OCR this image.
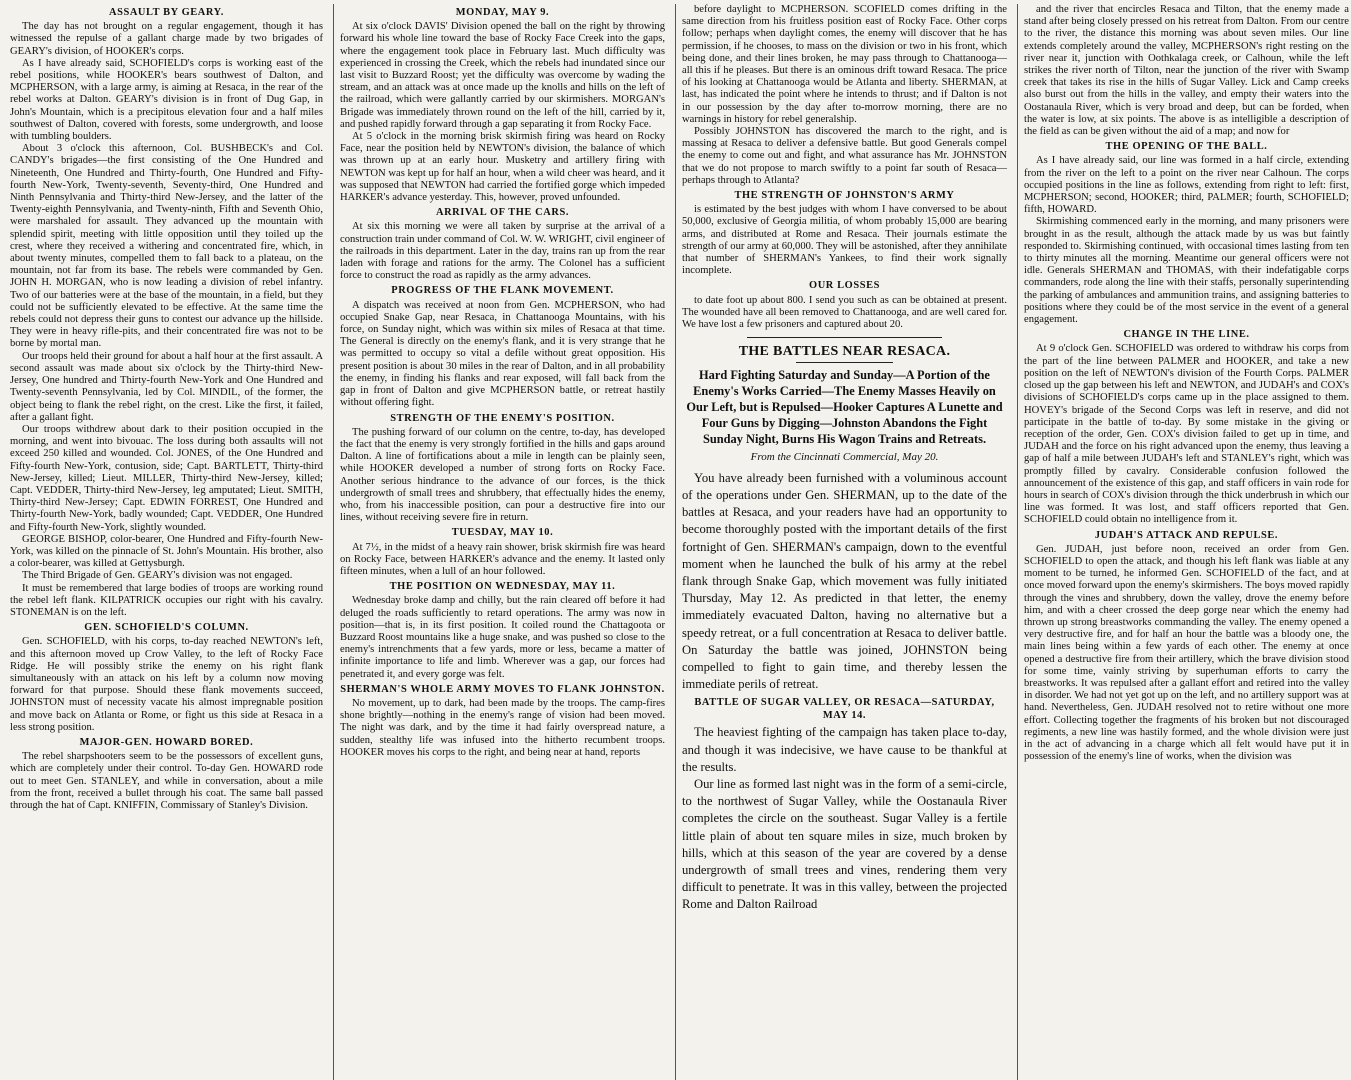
ASSAULT BY GEARY.

The day has not brought on a regular engagement, though it has witnessed the repulse of a gallant charge made by two brigades of GEARY's division, of HOOKER's corps.

As I have already said, SCHOFIELD's corps is working east of the rebel positions, while HOOKER's bears southwest of Dalton, and MCPHERSON, with a large army, is aiming at Resaca, in the rear of the rebel works at Dalton. GEARY's division is in front of Dug Gap, in John's Mountain, which is a precipitous elevation four and a half miles southwest of Dalton, covered with forests, some undergrowth, and loose with tumbling boulders.

About 3 o'clock this afternoon, Col. BUSHBECK's and Col. CANDY's brigades—the first consisting of the One Hundred and Nineteenth, One Hundred and Thirty-fourth, One Hundred and Fifty-fourth New-York, Twenty-seventh, Seventy-third, One Hundred and Ninth Pennsylvania and Thirty-third New-Jersey, and the latter of the Twenty-eighth Pennsylvania, and Twenty-ninth, Fifth and Seventh Ohio, were marshaled for assault. They advanced up the mountain with splendid spirit, meeting with little opposition until they toiled up the crest, where they received a withering and concentrated fire, which, in about twenty minutes, compelled them to fall back to a plateau, on the mountain, not far from its base. The rebels were commanded by Gen. JOHN H. MORGAN, who is now leading a division of rebel infantry. Two of our batteries were at the base of the mountain, in a field, but they could not be sufficiently elevated to be effective. At the same time the rebels could not depress their guns to contest our advance up the hillside. They were in heavy rifle-pits, and their concentrated fire was not to be borne by mortal man.

Our troops held their ground for about a half hour at the first assault. A second assault was made about six o'clock by the Thirty-third New-Jersey, One hundred and Thirty-fourth New-York and One Hundred and Twenty-seventh Pennsylvania, led by Col. MINDIL, of the former, the object being to flank the rebel right, on the crest. Like the first, it failed, after a gallant fight.

Our troops withdrew about dark to their position occupied in the morning, and went into bivouac. The loss during both assaults will not exceed 250 killed and wounded. Col. JONES, of the One Hundred and Fifty-fourth New-York, contusion, side; Capt. BARTLETT, Thirty-third New-Jersey, killed; Lieut. MILLER, Thirty-third New-Jersey, killed; Capt. VEDDER, Thirty-third New-Jersey, leg amputated; Lieut. SMITH, Thirty-third New-Jersey; Capt. EDWIN FORREST, One Hundred and Thirty-fourth New-York, badly wounded; Capt. VEDDER, One Hundred and Fifty-fourth New-York, slightly wounded.

GEORGE BISHOP, color-bearer, One Hundred and Fifty-fourth New-York, was killed on the pinnacle of St. John's Mountain. His brother, also a color-bearer, was killed at Gettysburgh.

The Third Brigade of Gen. GEARY's division was not engaged.

It must be remembered that large bodies of troops are working round the rebel left flank. KILPATRICK occupies our right with his cavalry. STONEMAN is on the left.

GEN. SCHOFIELD'S COLUMN.

Gen. SCHOFIELD, with his corps, to-day reached NEWTON's left, and this afternoon moved up Crow Valley, to the left of Rocky Face Ridge. He will possibly strike the enemy on his right flank simultaneously with an attack on his left by a column now moving forward for that purpose. Should these flank movements succeed, JOHNSTON must of necessity vacate his almost impregnable position and move back on Atlanta or Rome, or fight us this side at Resaca in a less strong position.

MAJOR-GEN. HOWARD BORED.

The rebel sharpshooters seem to be the possessors of excellent guns, which are completely under their control. To-day Gen. HOWARD rode out to meet Gen. STANLEY, and while in conversation, about a mile from the front, received a bullet through his coat. The same ball passed through the hat of Capt. KNIFFIN, Commissary of Stanley's Division.

MONDAY, MAY 9.

At six o'clock DAVIS' Division opened the ball on the right by throwing forward his whole line toward the base of Rocky Face Creek into the gaps, where the engagement took place in February last. Much difficulty was experienced in crossing the Creek, which the rebels had inundated since our last visit to Buzzard Roost; yet the difficulty was overcome by wading the stream, and an attack was at once made up the knolls and hills on the left of the railroad, which were gallantly carried by our skirmishers. MORGAN's Brigade was immediately thrown round on the left of the hill, carried by it, and pushed rapidly forward through a gap separating it from Rocky Face.

At 5 o'clock in the morning brisk skirmish firing was heard on Rocky Face, near the position held by NEWTON's division, the balance of which was thrown up at an early hour. Musketry and artillery firing with NEWTON was kept up for half an hour, when a wild cheer was heard, and it was supposed that NEWTON had carried the fortified gorge which impeded HARKER's advance yesterday. This, however, proved unfounded.

ARRIVAL OF THE CARS.

At six this morning we were all taken by surprise at the arrival of a construction train under command of Col. W. W. WRIGHT, civil engineer of the railroads in this department. Later in the day, trains ran up from the rear laden with forage and rations for the army. The Colonel has a sufficient force to construct the road as rapidly as the army advances.

PROGRESS OF THE FLANK MOVEMENT.

A dispatch was received at noon from Gen. MCPHERSON, who had occupied Snake Gap, near Resaca, in Chattanooga Mountains, with his force, on Sunday night, which was within six miles of Resaca at that time. The General is directly on the enemy's flank, and it is very strange that he was permitted to occupy so vital a defile without great opposition. His present position is about 30 miles in the rear of Dalton, and in all probability the enemy, in finding his flanks and rear exposed, will fall back from the gap in front of Dalton and give MCPHERSON battle, or retreat hastily without offering fight.

STRENGTH OF THE ENEMY'S POSITION.

The pushing forward of our column on the centre, to-day, has developed the fact that the enemy is very strongly fortified in the hills and gaps around Dalton. A line of fortifications about a mile in length can be plainly seen, while HOOKER developed a number of strong forts on Rocky Face. Another serious hindrance to the advance of our forces, is the thick undergrowth of small trees and shrubbery, that effectually hides the enemy, who, from his inaccessible position, can pour a destructive fire into our lines, without receiving severe fire in return.

TUESDAY, MAY 10.

At 7½, in the midst of a heavy rain shower, brisk skirmish fire was heard on Rocky Face, between HARKER's advance and the enemy. It lasted only fifteen minutes, when a lull of an hour followed.

THE POSITION ON WEDNESDAY, MAY 11.

Wednesday broke damp and chilly, but the rain cleared off before it had deluged the roads sufficiently to retard operations. The army was now in position—that is, in its first position. It coiled round the Chattagoota or Buzzard Roost mountains like a huge snake, and was pushed so close to the enemy's intrenchments that a few yards, more or less, became a matter of infinite importance to life and limb. Wherever was a gap, our forces had penetrated it, and every gorge was felt.

SHERMAN'S WHOLE ARMY MOVES TO FLANK JOHNSTON.

No movement, up to dark, had been made by the troops. The camp-fires shone brightly—nothing in the enemy's range of vision had been moved. The night was dark, and by the time it had fairly overspread nature, a sudden, stealthy life was infused into the hitherto recumbent troops. HOOKER moves his corps to the right, and being near at hand, reports

before daylight to MCPHERSON. SCOFIELD comes drifting in the same direction from his fruitless position east of Rocky Face. Other corps follow; perhaps when daylight comes, the enemy will discover that he has permission, if he chooses, to mass on the division or two in his front, which being done, and their lines broken, he may pass through to Chattanooga—all this if he pleases. But there is an ominous drift toward Resaca. The price of his looking at Chattanooga would be Atlanta and liberty. SHERMAN, at last, has indicated the point where he intends to thrust; and if Dalton is not in our possession by the day after to-morrow morning, there are no warnings in history for rebel generalship.

Possibly JOHNSTON has discovered the march to the right, and is massing at Resaca to deliver a defensive battle. But good Generals compel the enemy to come out and fight, and what assurance has Mr. JOHNSTON that we do not propose to march swiftly to a point far south of Resaca—perhaps through to Atlanta?

THE STRENGTH OF JOHNSTON'S ARMY

is estimated by the best judges with whom I have conversed to be about 50,000, exclusive of Georgia militia, of whom probably 15,000 are bearing arms, and distributed at Rome and Resaca. Their journals estimate the strength of our army at 60,000. They will be astonished, after they annihilate that number of SHERMAN's Yankees, to find their work signally incomplete.

OUR LOSSES

to date foot up about 800. I send you such as can be obtained at present. The wounded have all been removed to Chattanooga, and are well cared for. We have lost a few prisoners and captured about 20.

THE BATTLES NEAR RESACA.
Hard Fighting Saturday and Sunday—A Portion of the Enemy's Works Carried—The Enemy Masses Heavily on Our Left, but is Repulsed—Hooker Captures A Lunette and Four Guns by Digging—Johnston Abandons the Fight Sunday Night, Burns His Wagon Trains and Retreats.
From the Cincinnati Commercial, May 20.

You have already been furnished with a voluminous account of the operations under Gen. SHERMAN, up to the date of the battles at Resaca, and your readers have had an opportunity to become thoroughly posted with the important details of the first fortnight of Gen. SHERMAN's campaign, down to the eventful moment when he launched the bulk of his army at the rebel flank through Snake Gap, which movement was fully initiated Thursday, May 12. As predicted in that letter, the enemy immediately evacuated Dalton, having no alternative but a speedy retreat, or a full concentration at Resaca to deliver battle. On Saturday the battle was joined, JOHNSTON being compelled to fight to gain time, and thereby lessen the immediate perils of retreat.

BATTLE OF SUGAR VALLEY, OR RESACA—SATURDAY, MAY 14.

The heaviest fighting of the campaign has taken place to-day, and though it was indecisive, we have cause to be thankful at the results.

Our line as formed last night was in the form of a semi-circle, to the northwest of Sugar Valley, while the Oostanaula River completes the circle on the southeast. Sugar Valley is a fertile little plain of about ten square miles in size, much broken by hills, which at this season of the year are covered by a dense undergrowth of small trees and vines, rendering them very difficult to penetrate. It was in this valley, between the projected Rome and Dalton Railroad

and the river that encircles Resaca and Tilton, that the enemy made a stand after being closely pressed on his retreat from Dalton. From our centre to the river, the distance this morning was about seven miles. Our line extends completely around the valley, MCPHERSON's right resting on the river near it, junction with Oothkalaga creek, or Calhoun, while the left strikes the river north of Tilton, near the junction of the river with Swamp creek that takes its rise in the hills of Sugar Valley. Lick and Camp creeks also burst out from the hills in the valley, and empty their waters into the Oostanaula River, which is very broad and deep, but can be forded, when the water is low, at six points. The above is as intelligible a description of the field as can be given without the aid of a map; and now for

THE OPENING OF THE BALL.

As I have already said, our line was formed in a half circle, extending from the river on the left to a point on the river near Calhoun. The corps occupied positions in the line as follows, extending from right to left: first, MCPHERSON; second, HOOKER; third, PALMER; fourth, SCHOFIELD; fifth, HOWARD.

Skirmishing commenced early in the morning, and many prisoners were brought in as the result, although the attack made by us was but faintly responded to. Skirmishing continued, with occasional times lasting from ten to thirty minutes all the morning. Meantime our general officers were not idle. Generals SHERMAN and THOMAS, with their indefatigable corps commanders, rode along the line with their staffs, personally superintending the parking of ambulances and ammunition trains, and assigning batteries to positions where they could be of the most service in the event of a general engagement.

CHANGE IN THE LINE.

At 9 o'clock Gen. SCHOFIELD was ordered to withdraw his corps from the part of the line between PALMER and HOOKER, and take a new position on the left of NEWTON's division of the Fourth Corps. PALMER closed up the gap between his left and NEWTON, and JUDAH's and COX's divisions of SCHOFIELD's corps came up in the place assigned to them. HOVEY's brigade of the Second Corps was left in reserve, and did not participate in the battle of to-day. By some mistake in the giving or reception of the order, Gen. COX's division failed to get up in time, and JUDAH and the force on his right advanced upon the enemy, thus leaving a gap of half a mile between JUDAH's left and STANLEY's right, which was promptly filled by cavalry. Considerable confusion followed the announcement of the existence of this gap, and staff officers in vain rode for hours in search of COX's division through the thick underbrush in which our line was formed. It was lost, and staff officers reported that Gen. SCHOFIELD could obtain no intelligence from it.

JUDAH'S ATTACK AND REPULSE.

Gen. JUDAH, just before noon, received an order from Gen. SCHOFIELD to open the attack, and though his left flank was liable at any moment to be turned, he informed Gen. SCHOFIELD of the fact, and at once moved forward upon the enemy's skirmishers. The boys moved rapidly through the vines and shrubbery, down the valley, drove the enemy before him, and with a cheer crossed the deep gorge near which the enemy had thrown up strong breastworks commanding the valley. The enemy opened a very destructive fire, and for half an hour the battle was a bloody one, the main lines being within a few yards of each other. The enemy at once opened a destructive fire from their artillery, which the brave division stood for some time, vainly striving by superhuman efforts to carry the breastworks. It was repulsed after a gallant effort and retired into the valley in disorder. We had not yet got up on the left, and no artillery support was at hand. Nevertheless, Gen. JUDAH resolved not to retire without one more effort. Collecting together the fragments of his broken but not discouraged regiments, a new line was hastily formed, and the whole division were just in the act of advancing in a charge which all felt would have put it in possession of the enemy's line of works, when the division was
